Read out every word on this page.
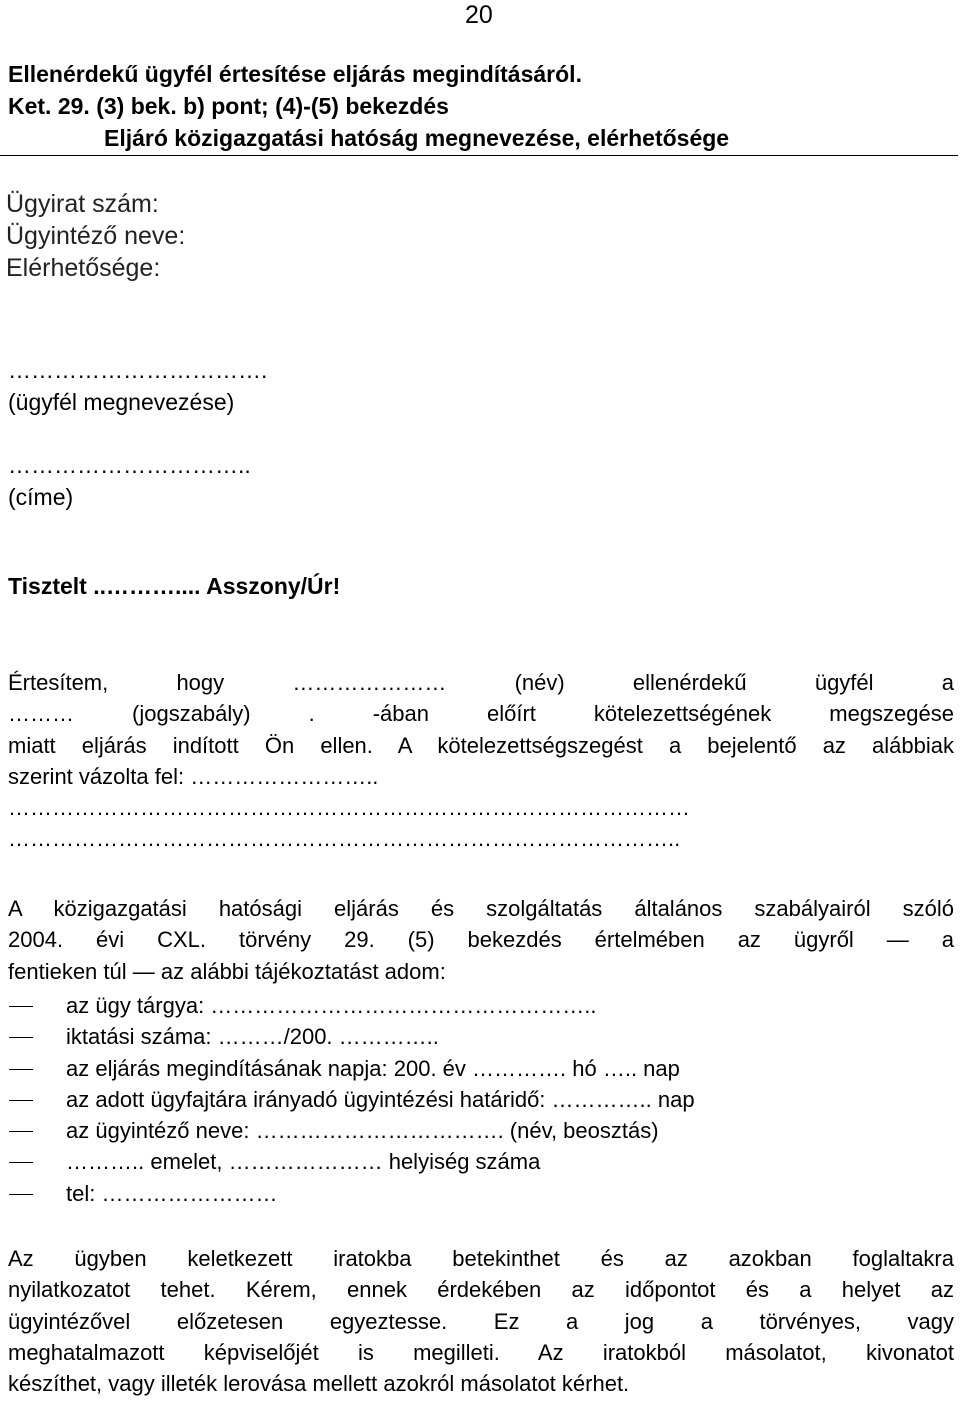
20
Ellenérdekű ügyfél értesítése eljárás megindításáról.
Ket. 29. (3) bek. b) pont; (4)-(5) bekezdés
Eljáró közigazgatási hatóság megnevezése, elérhetősége
Ügyirat szám:
Ügyintéző neve:
Elérhetősége:
…………………………….
(ügyfél megnevezése)
…………………………..
(címe)
Tisztelt ..……….... Asszony/Úr!
Értesítem, hogy ………………… (név) ellenérdekű ügyfél a
……… (jogszabály) . -ában előírt kötelezettségének megszegése
miatt eljárás indított Ön ellen. A kötelezettségszegést a bejelentő az alábbiak
szerint vázolta fel: ……………………..
…………………………………………………………………………………
………………………………………………………………………………..
A közigazgatási hatósági eljárás és szolgáltatás általános szabályairól szóló
2004. évi CXL. törvény 29. (5) bekezdés értelmében az ügyről — a
fentieken túl — az alábbi tájékoztatást adom:
az ügy tárgya: ……………………………………………..
iktatási száma: ………/200. …………..
az eljárás megindításának napja: 200. év …………. hó ….. nap
az adott ügyfajtára irányadó ügyintézési határidő: ………….. nap
az ügyintéző neve: ……………………………. (név, beosztás)
……….. emelet, ………………… helyiség száma
tel: ……………………
Az ügyben keletkezett iratokba betekinthet és az azokban foglaltakra
nyilatkozatot tehet. Kérem, ennek érdekében az időpontot és a helyet az
ügyintézővel előzetesen egyeztesse. Ez a jog a törvényes, vagy
meghatalmazott képviselőjét is megilleti. Az iratokból másolatot, kivonatot
készíthet, vagy illeték lerovása mellett azokról másolatot kérhet.
